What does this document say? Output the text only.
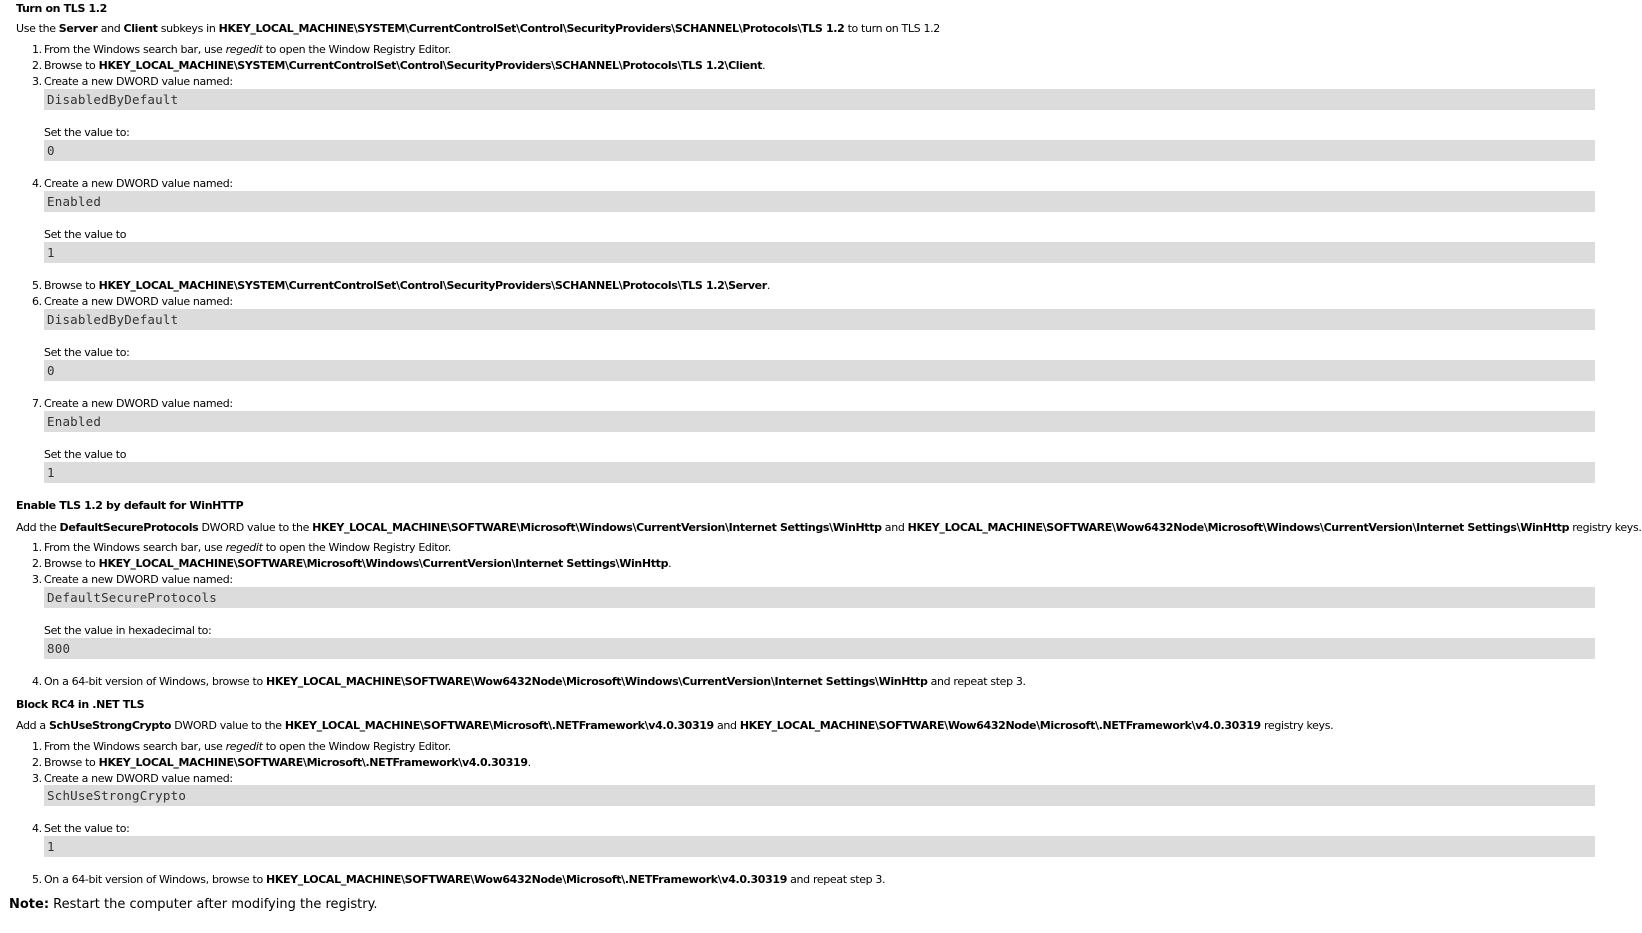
Turn on TLS 1.2
Use the Server and Client subkeys in HKEY_LOCAL_MACHINE\SYSTEM\CurrentControlSet\Control\SecurityProviders\SCHANNEL\Protocols\TLS 1.2 to turn on TLS 1.2
1. From the Windows search bar, use regedit to open the Window Registry Editor.
2. Browse to HKEY_LOCAL_MACHINE\SYSTEM\CurrentControlSet\Control\SecurityProviders\SCHANNEL\Protocols\TLS 1.2\Client.
3. Create a new DWORD value named:
DisabledByDefault
Set the value to:
0
4. Create a new DWORD value named:
Enabled
Set the value to
1
5. Browse to HKEY_LOCAL_MACHINE\SYSTEM\CurrentControlSet\Control\SecurityProviders\SCHANNEL\Protocols\TLS 1.2\Server.
6. Create a new DWORD value named:
DisabledByDefault
Set the value to:
0
7. Create a new DWORD value named:
Enabled
Set the value to
1
Enable TLS 1.2 by default for WinHTTP
Add the DefaultSecureProtocols DWORD value to the HKEY_LOCAL_MACHINE\SOFTWARE\Microsoft\Windows\CurrentVersion\Internet Settings\WinHttp and HKEY_LOCAL_MACHINE\SOFTWARE\Wow6432Node\Microsoft\Windows\CurrentVersion\Internet Settings\WinHttp registry keys.
1. From the Windows search bar, use regedit to open the Window Registry Editor.
2. Browse to HKEY_LOCAL_MACHINE\SOFTWARE\Microsoft\Windows\CurrentVersion\Internet Settings\WinHttp.
3. Create a new DWORD value named:
DefaultSecureProtocols
Set the value in hexadecimal to:
800
4. On a 64-bit version of Windows, browse to HKEY_LOCAL_MACHINE\SOFTWARE\Wow6432Node\Microsoft\Windows\CurrentVersion\Internet Settings\WinHttp and repeat step 3.
Block RC4 in .NET TLS
Add a SchUseStrongCrypto DWORD value to the HKEY_LOCAL_MACHINE\SOFTWARE\Microsoft\.NETFramework\v4.0.30319 and HKEY_LOCAL_MACHINE\SOFTWARE\Wow6432Node\Microsoft\.NETFramework\v4.0.30319 registry keys.
1. From the Windows search bar, use regedit to open the Window Registry Editor.
2. Browse to HKEY_LOCAL_MACHINE\SOFTWARE\Microsoft\.NETFramework\v4.0.30319.
3. Create a new DWORD value named:
SchUseStrongCrypto
4. Set the value to:
1
5. On a 64-bit version of Windows, browse to HKEY_LOCAL_MACHINE\SOFTWARE\Wow6432Node\Microsoft\.NETFramework\v4.0.30319 and repeat step 3.
Note: Restart the computer after modifying the registry.
